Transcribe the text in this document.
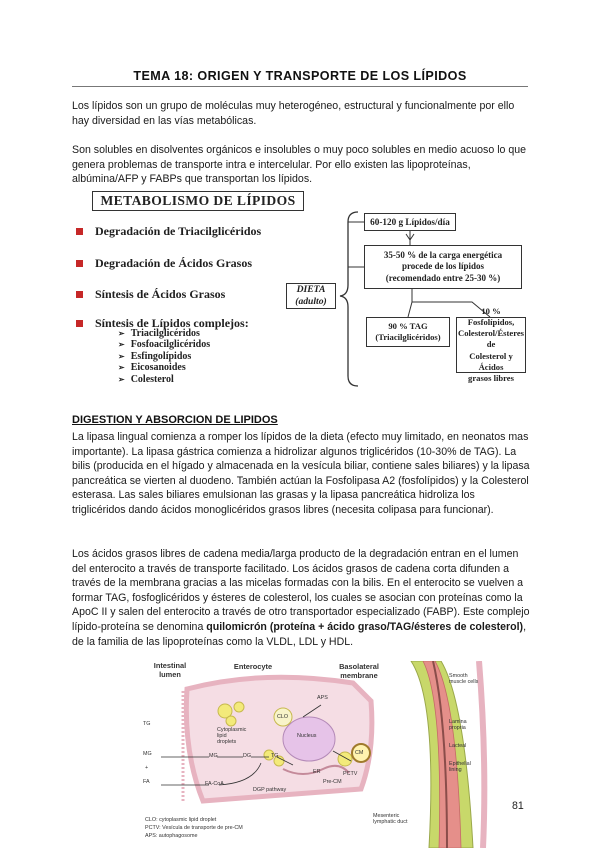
TEMA 18: ORIGEN Y TRANSPORTE DE LOS LÍPIDOS

Los lípidos son un grupo de moléculas muy heterogéneo, estructural y funcionalmente por ello hay diversidad en las vías metabólicas.

Son solubles en disolventes orgánicos e insolubles o muy poco solubles en medio acuoso lo que genera problemas de transporte intra e intercelular. Por ello existen las lipoproteínas, albúmina/AFP y FABPs que transportan los lípidos.

METABOLISMO DE LÍPIDOS
Degradación de Triacilglicéridos
Degradación de Ácidos Grasos
Síntesis de Ácidos Grasos
Síntesis de Lípidos complejos:
➢ Triacilglicéridos
➢ Fosfoacilglicéridos
➢ Esfingolípidos
➢ Eicosanoides
➢ Colesterol
DIETA
(adulto)
60-120 g Lípidos/día
35-50 % de la carga energética
procede de los lípidos
(recomendado entre 25-30 %)
90 % TAG
(Triacilglicéridos)
10 % Fosfolípidos,
Colesterol/Ésteres de
Colesterol y Ácidos
grasos libres
DIGESTION Y ABSORCION DE LIPIDOS

La lipasa lingual comienza a romper los lípidos de la dieta (efecto muy limitado, en neonatos mas importante). La lipasa gástrica comienza a hidrolizar algunos triglicéridos (10-30% de TAG). La bilis (producida en el hígado y almacenada en la vesícula biliar, contiene sales biliares) y la lipasa pancreática se vierten al duodeno. También actúan la Fosfolipasa A2 (fosfolípidos) y la Colesterol esterasa. Las sales biliares emulsionan las grasas y la lipasa pancreática hidroliza los triglicéridos dando ácidos monoglicéridos grasos libres (necesita colipasa para funcionar).

Los ácidos grasos libres de cadena media/larga producto de la degradación entran en el lumen del enterocito a través de transporte facilitado. Los ácidos grasos de cadena corta difunden a través de la membrana gracias a las micelas formadas con la bilis. En el enterocito se vuelven a formar TAG, fosfoglicéridos y ésteres de colesterol, los cuales se asocian con proteínas como la ApoC II y salen del enterocito a través de otro transportador especializado (FABP). Este complejo lípido-proteína se denomina quilomicrón (proteína + ácido graso/TAG/ésteres de colesterol), de la familia de las lipoproteínas como la VLDL, LDL y HDL.

Intestinal lumen
Enterocyte	Basolateral membrane
TG
MG
+
FA
MG	DG	TG
FA-CoA
DGP pathway
Nucleus
CLO
APS
PCTV
Pre-CM
CM
ER
Cytoplasmic lipid droplets
Smooth muscle cells
Lamina propria
Lacteal
Epithelial lining
Mesenteric lymphatic duct
CLO: cytoplasmic lipid droplet
PCTV: Vesícula de transporte de pre-CM
APS: autophagosome
81
